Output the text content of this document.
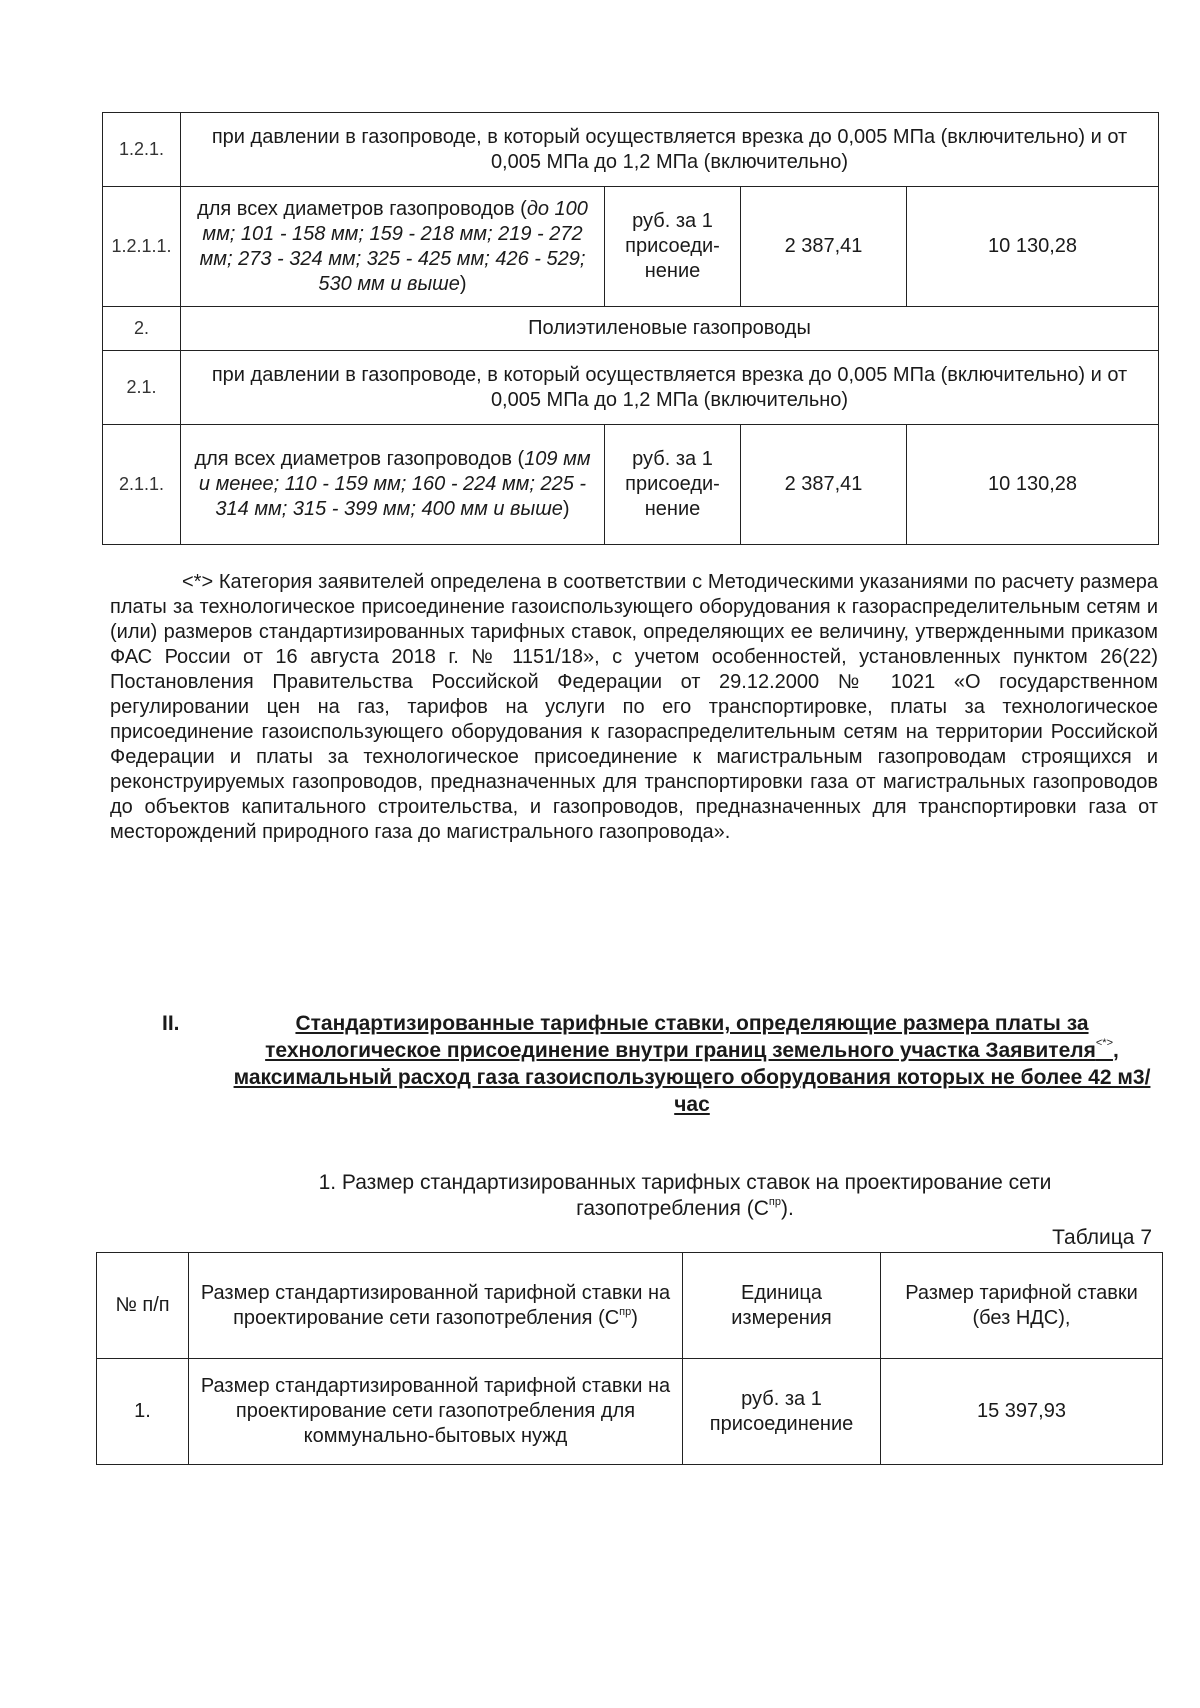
1.2.1.	при давлении в газопроводе, в который осуществляется врезка до 0,005 МПа (включительно) и от 0,005 МПа до 1,2 МПа (включительно)			
1.2.1.1.	для всех диаметров газопроводов (до 100 мм; 101 - 158 мм; 159 - 218 мм; 219 - 272 мм; 273 - 324 мм; 325 - 425 мм; 426 - 529; 530 мм и выше)	руб. за 1 присоеди-нение	2 387,41	10 130,28
2.	Полиэтиленовые газопроводы			
2.1.	при давлении в газопроводе, в который осуществляется врезка до 0,005 МПа (включительно) и от 0,005 МПа до 1,2 МПа (включительно)			
2.1.1.	для всех диаметров газопроводов (109 мм и менее; 110 - 159 мм; 160 - 224 мм; 225 - 314 мм; 315 - 399 мм; 400 мм и выше)	руб. за 1 присоеди-нение	2 387,41	10 130,28
<*> Категория заявителей определена в соответствии с Методическими указаниями по расчету размера платы за технологическое присоединение газоиспользующего оборудования к газораспределительным сетям и (или) размеров стандартизированных тарифных ставок, определяющих ее величину, утвержденными приказом ФАС России от 16 августа 2018 г. № 1151/18», с учетом особенностей, установленных пунктом 26(22) Постановления Правительства Российской Федерации от 29.12.2000 № 1021 «О государственном регулировании цен на газ, тарифов на услуги по его транспортировке, платы за технологическое присоединение газоиспользующего оборудования к газораспределительным сетям на территории Российской Федерации и платы за технологическое присоединение к магистральным газопроводам строящихся и реконструируемых газопроводов, предназначенных для транспортировки газа от магистральных газопроводов до объектов капитального строительства, и газопроводов, предназначенных для транспортировки газа от месторождений природного газа до магистрального газопровода».
II.	Стандартизированные тарифные ставки, определяющие размера платы за технологическое присоединение внутри границ земельного участка Заявителя<*>, максимальный расход газа газоиспользующего оборудования которых не более 42 м3/час
1. Размер стандартизированных тарифных ставок на проектирование сети газопотребления $(С^{пр})$.
Таблица 7
№ п/п	Размер стандартизированной тарифной ставки на проектирование сети газопотребления $(С^{пр})$	Единица измерения	Размер тарифной ставки (без НДС),
1.	Размер стандартизированной тарифной ставки на проектирование сети газопотребления для коммунально-бытовых нужд	руб. за 1 присоединение	15 397,93
